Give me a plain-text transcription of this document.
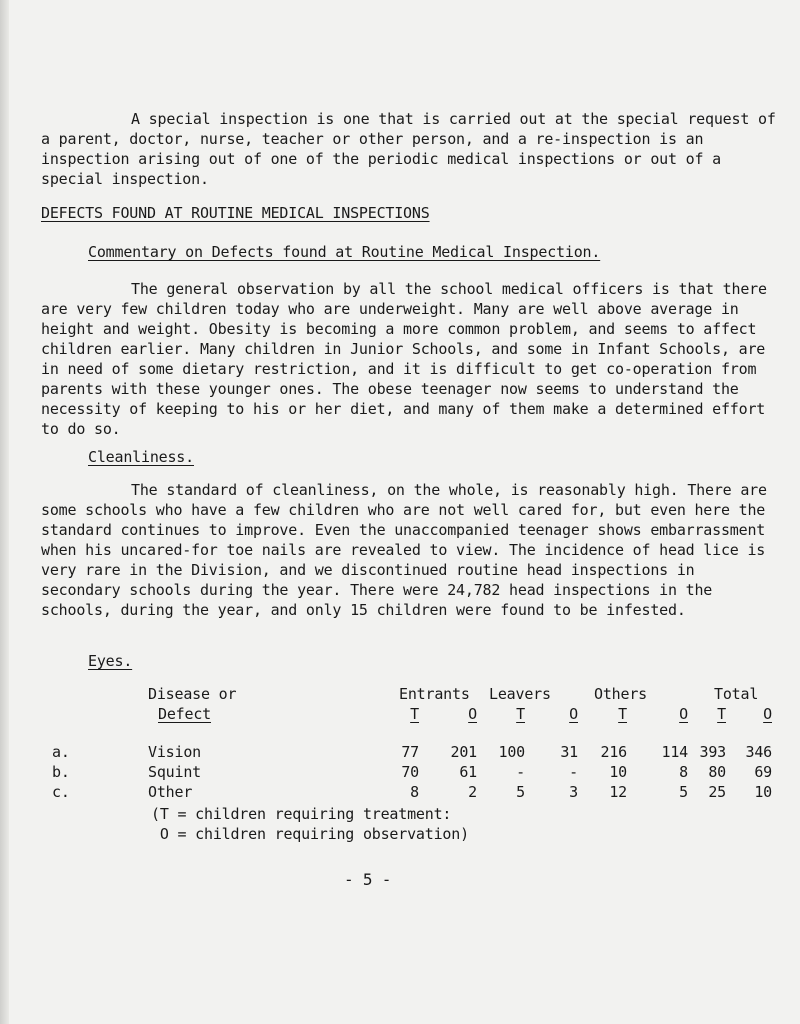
A special inspection is one that is carried out at the special request of a parent, doctor, nurse, teacher or other person, and a re-inspection is an inspection arising out of one of the periodic medical inspections or out of a special inspection.

DEFECTS FOUND AT ROUTINE MEDICAL INSPECTIONS
Commentary on Defects found at Routine Medical Inspection.

The general observation by all the school medical officers is that there are very few children today who are underweight. Many are well above average in height and weight. Obesity is becoming a more common problem, and seems to affect children earlier. Many children in Junior Schools, and some in Infant Schools, are in need of some dietary restriction, and it is difficult to get co-operation from parents with these younger ones. The obese teenager now seems to understand the necessity of keeping to his or her diet, and many of them make a determined effort to do so.

Cleanliness.

The standard of cleanliness, on the whole, is reasonably high. There are some schools who have a few children who are not well cared for, but even here the standard continues to improve. Even the unaccompanied teenager shows embarrassment when his uncared-for toe nails are revealed to view. The incidence of head lice is very rare in the Division, and we discontinued routine head inspections in secondary schools during the year. There were 24,782 head inspections in the schools, during the year, and only 15 children were found to be infested.

Eyes.
	Disease or	Entrants		Leavers		Others		Total	
	Defect	T	O	T	O	T	O	T	O
a.	Vision	77	201	100	31	216	114	393	346
b.	Squint	70	61	-	-	10	8	80	69
c.	Other	8	2	5	3	12	5	25	10
(T = children requiring treatment:
O = children requiring observation)

- 5 -
